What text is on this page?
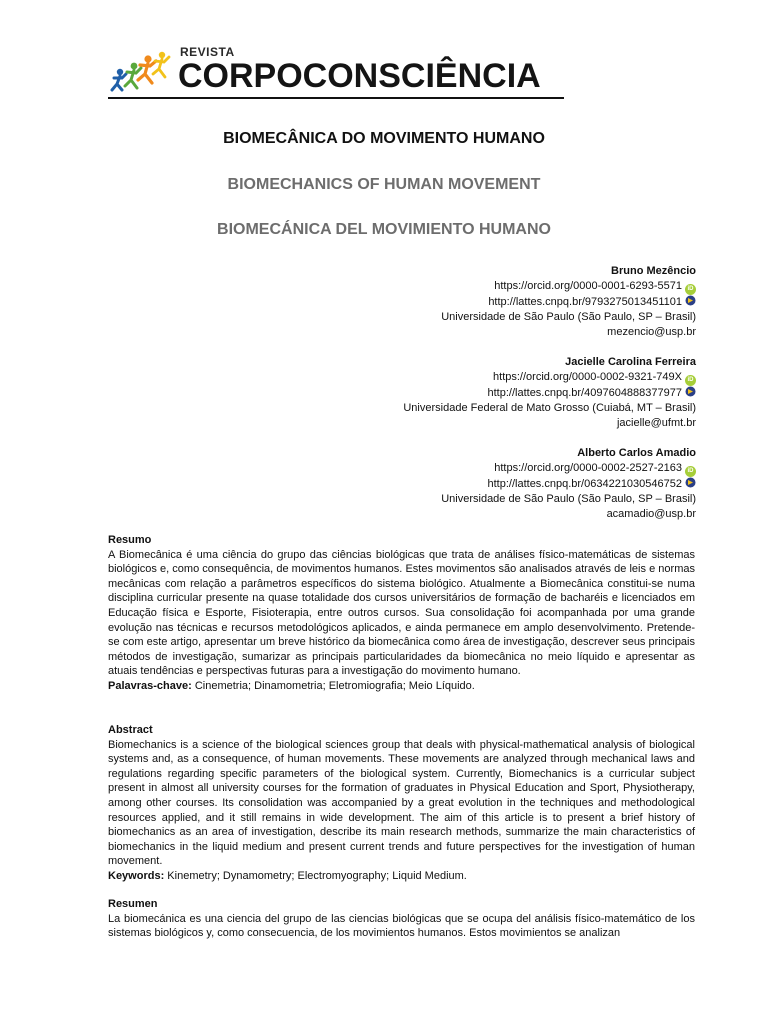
REVISTA
CORPOCONSCIÊNCIA
BIOMECÂNICA DO MOVIMENTO HUMANO
BIOMECHANICS OF HUMAN MOVEMENT
BIOMECÁNICA DEL MOVIMIENTO HUMANO
Bruno Mezêncio
https://orcid.org/0000-0001-6293-5571 iD
http://lattes.cnpq.br/9793275013451101
Universidade de São Paulo (São Paulo, SP – Brasil)
mezencio@usp.br
Jacielle Carolina Ferreira
https://orcid.org/0000-0002-9321-749X iD
http://lattes.cnpq.br/4097604888377977
Universidade Federal de Mato Grosso (Cuiabá, MT – Brasil)
jacielle@ufmt.br
Alberto Carlos Amadio
https://orcid.org/0000-0002-2527-2163 iD
http://lattes.cnpq.br/0634221030546752
Universidade de São Paulo (São Paulo, SP – Brasil)
acamadio@usp.br
Resumo

A Biomecânica é uma ciência do grupo das ciências biológicas que trata de análises físico-matemáticas de sistemas biológicos e, como consequência, de movimentos humanos. Estes movimentos são analisados através de leis e normas mecânicas com relação a parâmetros específicos do sistema biológico. Atualmente a Biomecânica constitui-se numa disciplina curricular presente na quase totalidade dos cursos universitários de formação de bacharéis e licenciados em Educação física e Esporte, Fisioterapia, entre outros cursos. Sua consolidação foi acompanhada por uma grande evolução nas técnicas e recursos metodológicos aplicados, e ainda permanece em amplo desenvolvimento. Pretende-se com este artigo, apresentar um breve histórico da biomecânica como área de investigação, descrever seus principais métodos de investigação, sumarizar as principais particularidades da biomecânica no meio líquido e apresentar as atuais tendências e perspectivas futuras para a investigação do movimento humano.

Palavras-chave: Cinemetria; Dinamometria; Eletromiografia; Meio Líquido.

Abstract

Biomechanics is a science of the biological sciences group that deals with physical-mathematical analysis of biological systems and, as a consequence, of human movements. These movements are analyzed through mechanical laws and regulations regarding specific parameters of the biological system. Currently, Biomechanics is a curricular subject present in almost all university courses for the formation of graduates in Physical Education and Sport, Physiotherapy, among other courses. Its consolidation was accompanied by a great evolution in the techniques and methodological resources applied, and it still remains in wide development. The aim of this article is to present a brief history of biomechanics as an area of investigation, describe its main research methods, summarize the main characteristics of biomechanics in the liquid medium and present current trends and future perspectives for the investigation of human movement.

Keywords: Kinemetry; Dynamometry; Electromyography; Liquid Medium.

Resumen

La biomecánica es una ciencia del grupo de las ciencias biológicas que se ocupa del análisis físico-matemático de los sistemas biológicos y, como consecuencia, de los movimientos humanos. Estos movimientos se analizan
